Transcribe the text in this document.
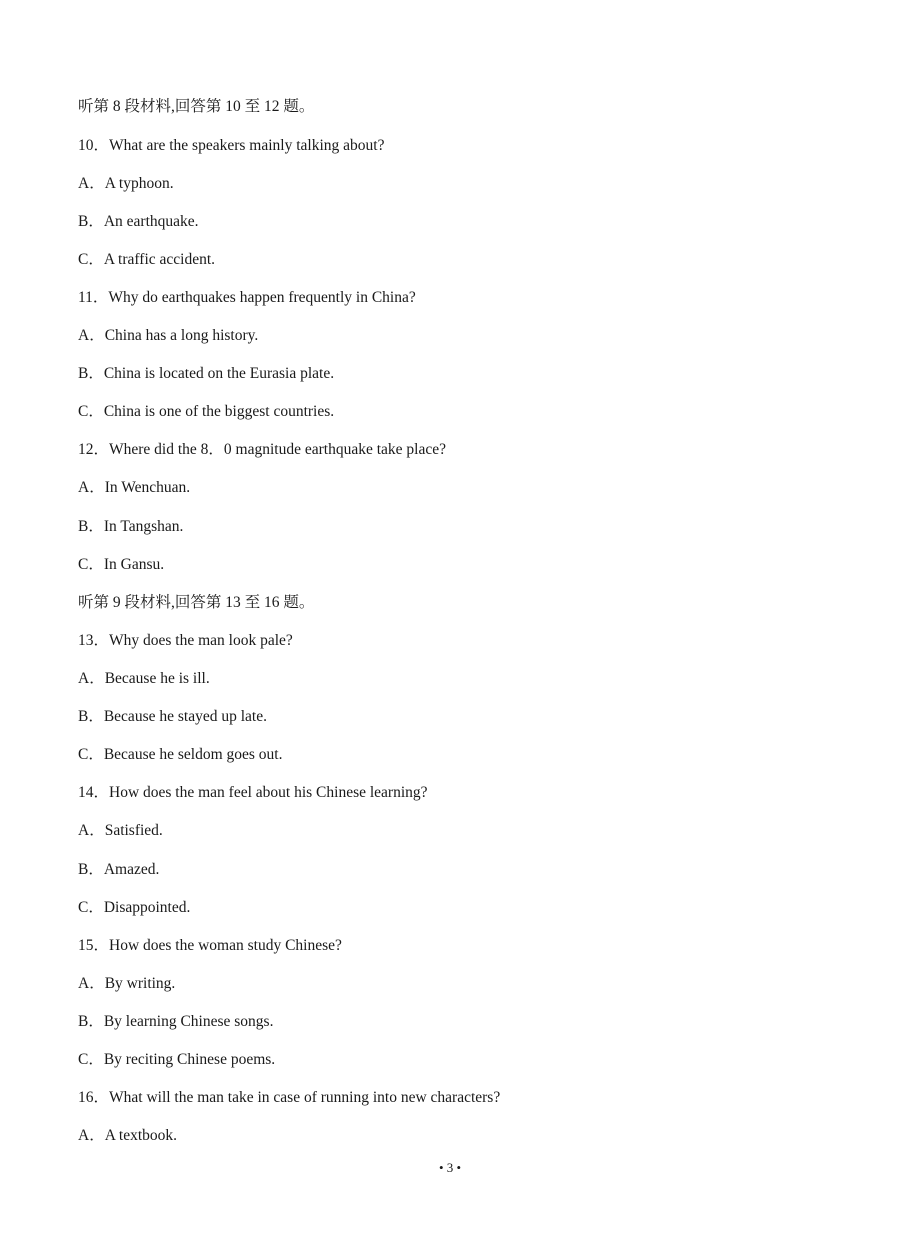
听第 8 段材料,回答第 10 至 12 题。
10．What are the speakers mainly talking about?
A．A typhoon.
B．An earthquake.
C．A traffic accident.
11．Why do earthquakes happen frequently in China?
A．China has a long history.
B．China is located on the Eurasia plate.
C．China is one of the biggest countries.
12．Where did the 8．0 magnitude earthquake take place?
A．In Wenchuan.
B．In Tangshan.
C．In Gansu.
听第 9 段材料,回答第 13 至 16 题。
13．Why does the man look pale?
A．Because he is ill.
B．Because he stayed up late.
C．Because he seldom goes out.
14．How does the man feel about his Chinese learning?
A．Satisfied.
B．Amazed.
C．Disappointed.
15．How does the woman study Chinese?
A．By writing.
B．By learning Chinese songs.
C．By reciting Chinese poems.
16．What will the man take in case of running into new characters?
A．A textbook.
• 3 •
